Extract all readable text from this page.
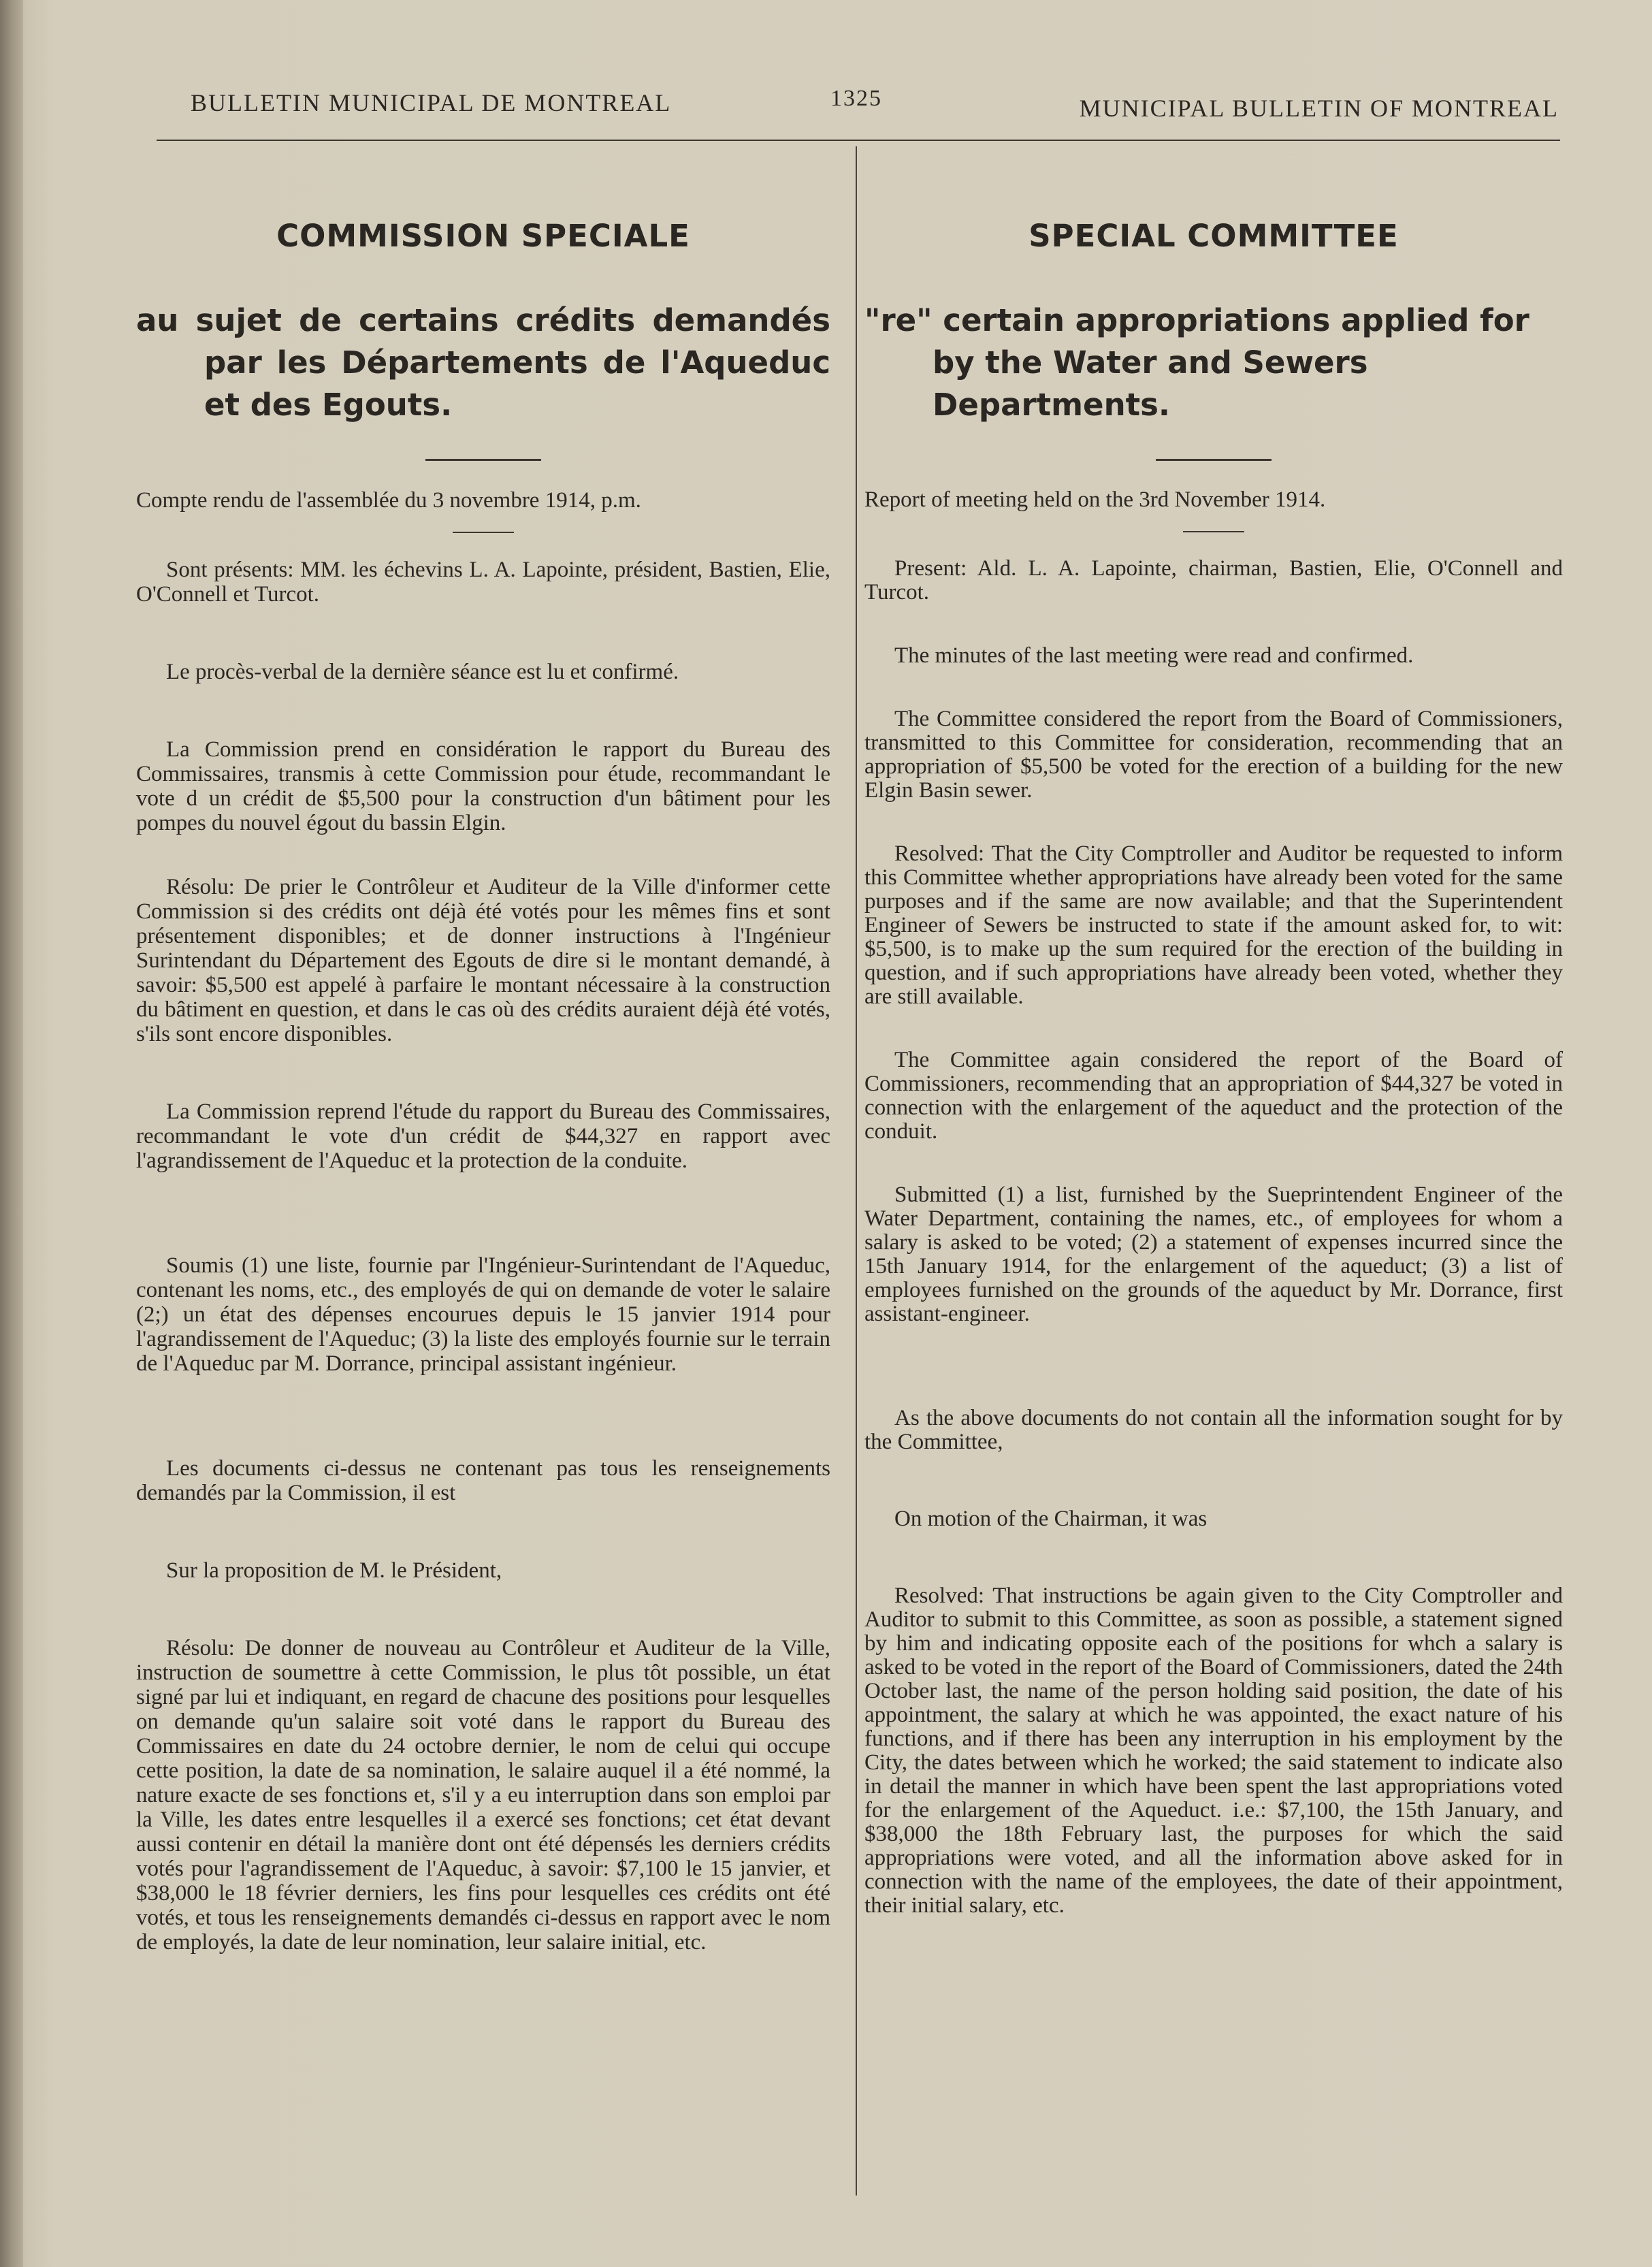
BULLETIN MUNICIPAL DE MONTREAL	1325	MUNICIPAL BULLETIN OF MONTREAL
COMMISSION SPECIALE
au sujet de certains crédits demandés par les Départements de l'Aqueduc et des Egouts.

Compte rendu de l'assemblée du 3 novembre 1914, p.m.

Sont présents: MM. les échevins L. A. Lapointe, président, Bastien, Elie, O'Connell et Turcot.

Le procès-verbal de la dernière séance est lu et confirmé.

La Commission prend en considération le rapport du Bureau des Commissaires, transmis à cette Commission pour étude, recommandant le vote d un crédit de $5,500 pour la construction d'un bâtiment pour les pompes du nouvel égout du bassin Elgin.

Résolu: De prier le Contrôleur et Auditeur de la Ville d'informer cette Commission si des crédits ont déjà été votés pour les mêmes fins et sont présentement disponibles; et de donner instructions à l'Ingénieur Surintendant du Département des Egouts de dire si le montant demandé, à savoir: $5,500 est appelé à parfaire le montant nécessaire à la construction du bâtiment en question, et dans le cas où des crédits auraient déjà été votés, s'ils sont encore disponibles.

La Commission reprend l'étude du rapport du Bureau des Commissaires, recommandant le vote d'un crédit de $44,327 en rapport avec l'agrandissement de l'Aqueduc et la protection de la conduite.

Soumis (1) une liste, fournie par l'Ingénieur-Surintendant de l'Aqueduc, contenant les noms, etc., des employés de qui on demande de voter le salaire (2;) un état des dépenses encourues depuis le 15 janvier 1914 pour l'agrandissement de l'Aqueduc; (3) la liste des employés fournie sur le terrain de l'Aqueduc par M. Dorrance, principal assistant ingénieur.

Les documents ci-dessus ne contenant pas tous les renseignements demandés par la Commission, il est

Sur la proposition de M. le Président,

Résolu: De donner de nouveau au Contrôleur et Auditeur de la Ville, instruction de soumettre à cette Commission, le plus tôt possible, un état signé par lui et indiquant, en regard de chacune des positions pour lesquelles on demande qu'un salaire soit voté dans le rapport du Bureau des Commissaires en date du 24 octobre dernier, le nom de celui qui occupe cette position, la date de sa nomination, le salaire auquel il a été nommé, la nature exacte de ses fonctions et, s'il y a eu interruption dans son emploi par la Ville, les dates entre lesquelles il a exercé ses fonctions; cet état devant aussi contenir en détail la manière dont ont été dépensés les derniers crédits votés pour l'agrandissement de l'Aqueduc, à savoir: $7,100 le 15 janvier, et $38,000 le 18 février derniers, les fins pour lesquelles ces crédits ont été votés, et tous les renseignements demandés ci-dessus en rapport avec le nom de employés, la date de leur nomination, leur salaire initial, etc.

SPECIAL COMMITTEE
"re" certain appropriations applied for by the Water and Sewers Departments.

Report of meeting held on the 3rd November 1914.

Present: Ald. L. A. Lapointe, chairman, Bastien, Elie, O'Connell and Turcot.

The minutes of the last meeting were read and confirmed.

The Committee considered the report from the Board of Commissioners, transmitted to this Committee for consideration, recommending that an appropriation of $5,500 be voted for the erection of a building for the new Elgin Basin sewer.

Resolved: That the City Comptroller and Auditor be requested to inform this Committee whether appropriations have already been voted for the same purposes and if the same are now available; and that the Superintendent Engineer of Sewers be instructed to state if the amount asked for, to wit: $5,500, is to make up the sum required for the erection of the building in question, and if such appropriations have already been voted, whether they are still available.

The Committee again considered the report of the Board of Commissioners, recommending that an appropriation of $44,327 be voted in connection with the enlargement of the aqueduct and the protection of the conduit.

Submitted (1) a list, furnished by the Sueprintendent Engineer of the Water Department, containing the names, etc., of employees for whom a salary is asked to be voted; (2) a statement of expenses incurred since the 15th January 1914, for the enlargement of the aqueduct; (3) a list of employees furnished on the grounds of the aqueduct by Mr. Dorrance, first assistant-engineer.

As the above documents do not contain all the information sought for by the Committee,

On motion of the Chairman, it was

Resolved: That instructions be again given to the City Comptroller and Auditor to submit to this Committee, as soon as possible, a statement signed by him and indicating opposite each of the positions for whch a salary is asked to be voted in the report of the Board of Commissioners, dated the 24th October last, the name of the person holding said position, the date of his appointment, the salary at which he was appointed, the exact nature of his functions, and if there has been any interruption in his employment by the City, the dates between which he worked; the said statement to indicate also in detail the manner in which have been spent the last appropriations voted for the enlargement of the Aqueduct. i.e.: $7,100, the 15th January, and $38,000 the 18th February last, the purposes for which the said appropriations were voted, and all the information above asked for in connection with the name of the employees, the date of their appointment, their initial salary, etc.
